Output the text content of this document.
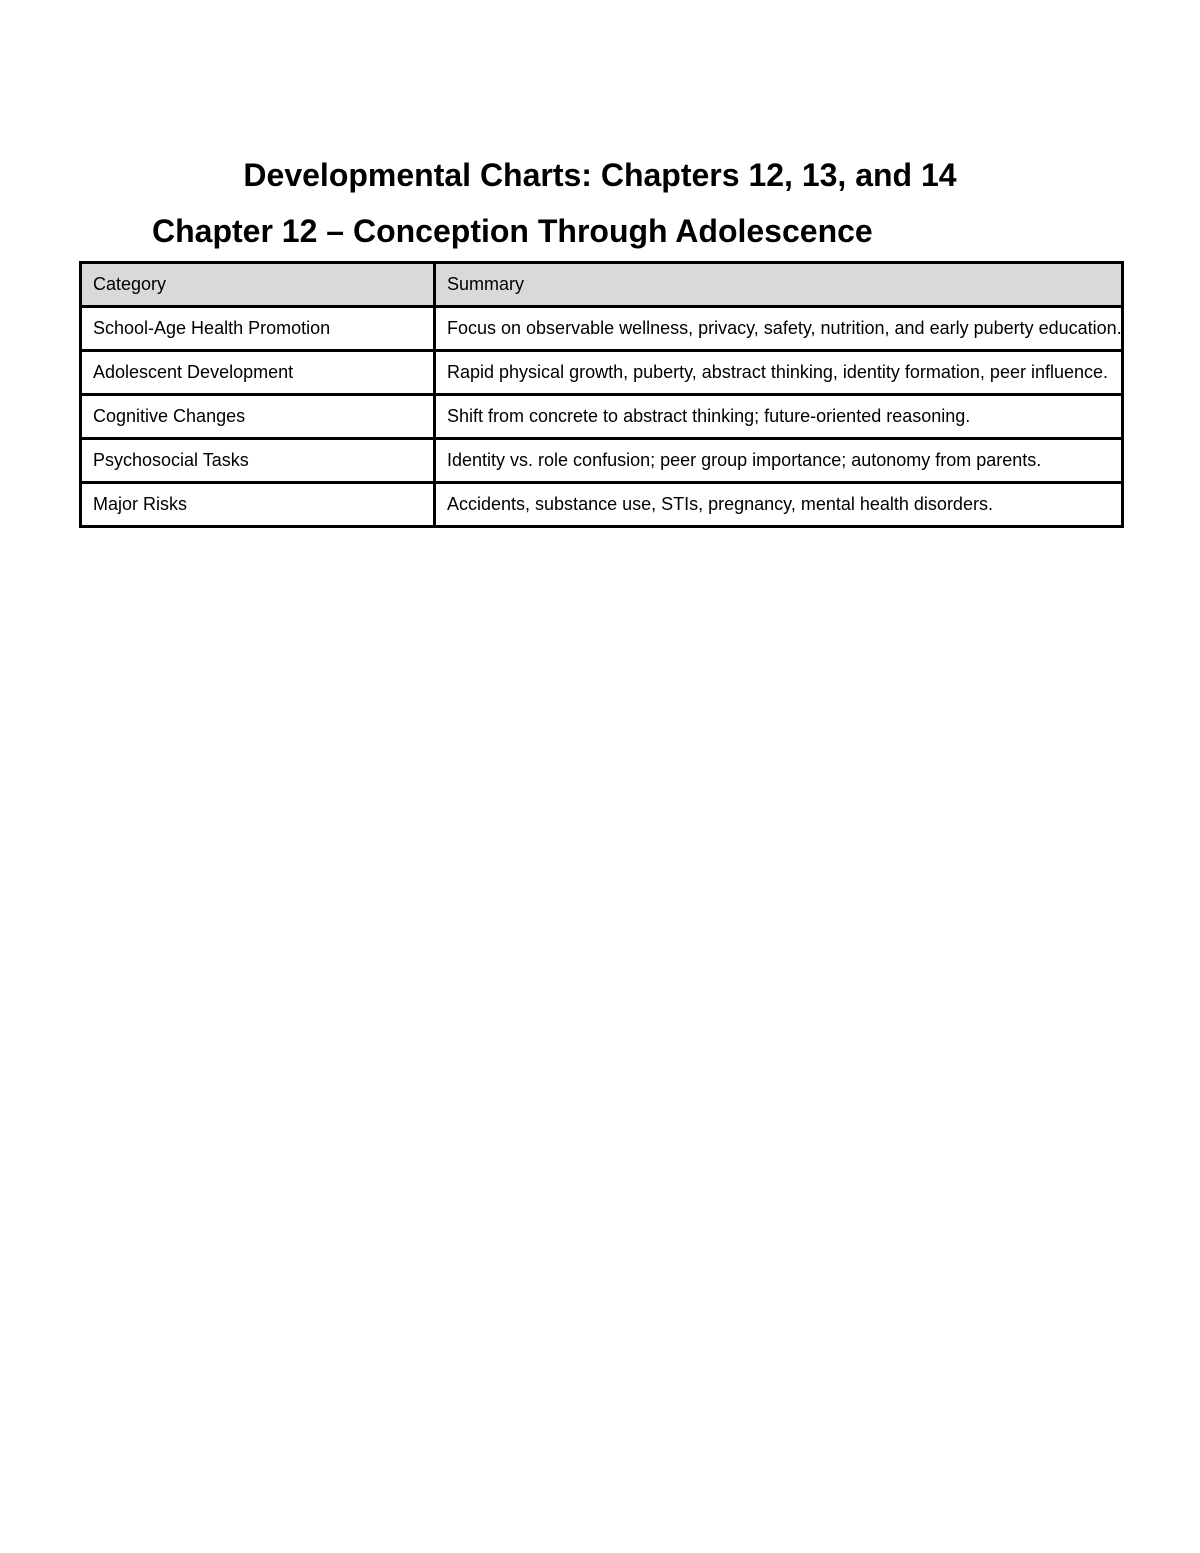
Developmental Charts: Chapters 12, 13, and 14
Chapter 12 – Conception Through Adolescence
Category	Summary
School-Age Health Promotion	Focus on observable wellness, privacy, safety, nutrition, and early puberty education.
Adolescent Development	Rapid physical growth, puberty, abstract thinking, identity formation, peer influence.
Cognitive Changes	Shift from concrete to abstract thinking; future-oriented reasoning.
Psychosocial Tasks	Identity vs. role confusion; peer group importance; autonomy from parents.
Major Risks	Accidents, substance use, STIs, pregnancy, mental health disorders.
